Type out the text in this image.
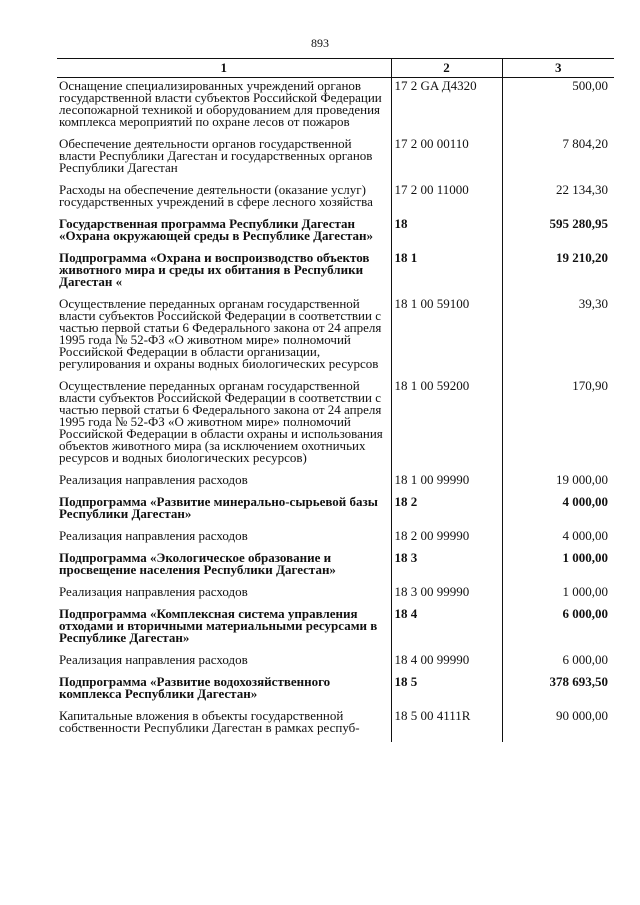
893
1	2	3
Оснащение специализированных учреждений органов государственной власти субъектов Российской Федерации лесопожарной техникой и оборудованием для проведения комплекса мероприятий по охране лесов от пожаров	17 2 GA Д4320	500,00
Обеспечение деятельности органов государственной власти Республики Дагестан и государственных органов Республики Дагестан	17 2 00 00110	7 804,20
Расходы на обеспечение деятельности (оказание услуг) государственных учреждений в сфере лесного хозяйства	17 2 00 11000	22 134,30
Государственная программа Республики Дагестан «Охрана окружающей среды в Республике Дагестан»	18	595 280,95
Подпрограмма «Охрана и воспроизводство объектов животного мира и среды их обитания в Республики Дагестан «	18 1	19 210,20
Осуществление переданных органам государственной власти субъектов Российской Федерации в соответствии с частью первой статьи 6 Федерального закона от 24 апреля 1995 года № 52-ФЗ «О животном мире» полномочий Российской Федерации в области организации, регулирования и охраны водных биологических ресурсов	18 1 00 59100	39,30
Осуществление переданных органам государственной власти субъектов Российской Федерации в соответствии с частью первой статьи 6 Федерального закона от 24 апреля 1995 года № 52-ФЗ «О животном мире» полномочий Российской Федерации в области охраны и использования объектов животного мира (за исключением охотничьих ресурсов и водных биологических ресурсов)	18 1 00 59200	170,90
Реализация направления расходов	18 1 00 99990	19 000,00
Подпрограмма «Развитие минерально-сырьевой базы Республики Дагестан»	18 2	4 000,00
Реализация направления расходов	18 2 00 99990	4 000,00
Подпрограмма «Экологическое образование и просвещение населения Республики Дагестан»	18 3	1 000,00
Реализация направления расходов	18 3 00 99990	1 000,00
Подпрограмма «Комплексная система управления отходами и вторичными материальными ресурсами в Республике Дагестан»	18 4	6 000,00
Реализация направления расходов	18 4 00 99990	6 000,00
Подпрограмма «Развитие водохозяйственного комплекса Республики Дагестан»	18 5	378 693,50
Капитальные вложения в объекты государственной собственности Республики Дагестан в рамках респуб-	18 5 00 4111R	90 000,00
